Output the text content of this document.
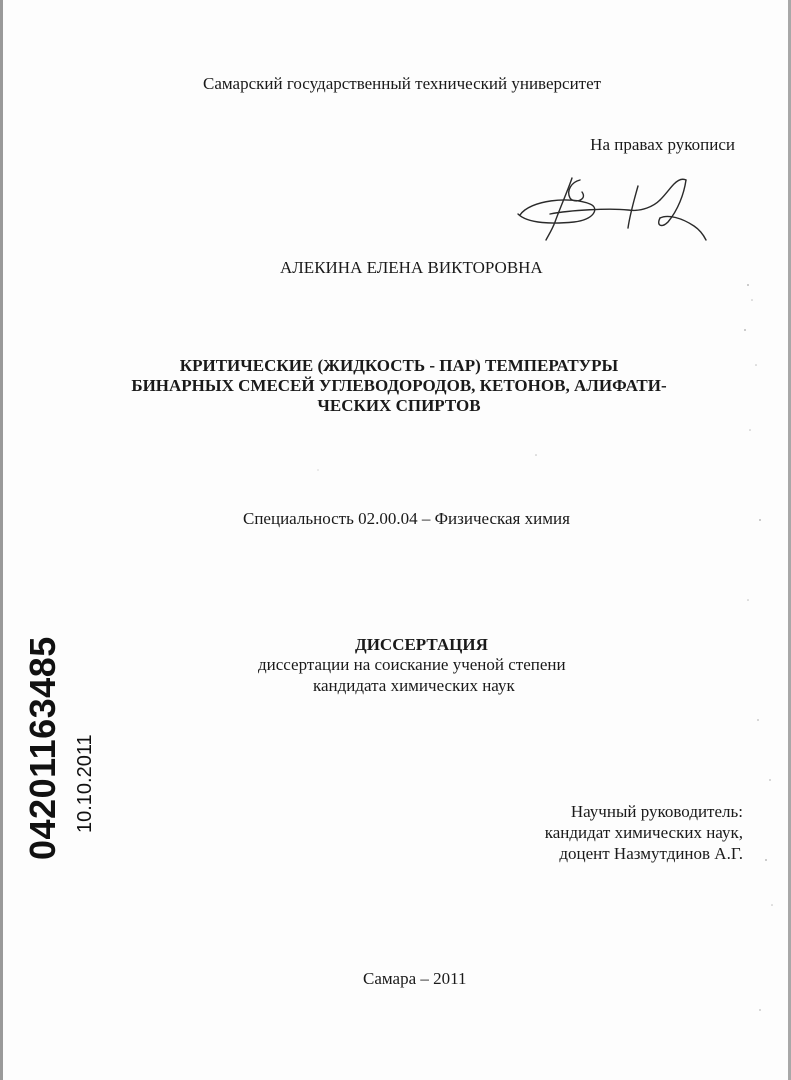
Самарский государственный технический университет
На правах рукописи
АЛЕКИНА ЕЛЕНА ВИКТОРОВНА
КРИТИЧЕСКИЕ (ЖИДКОСТЬ - ПАР) ТЕМПЕРАТУРЫ
БИНАРНЫХ СМЕСЕЙ УГЛЕВОДОРОДОВ, КЕТОНОВ, АЛИФАТИ-
ЧЕСКИХ СПИРТОВ
Специальность 02.00.04 – Физическая химия
ДИССЕРТАЦИЯ
диссертации на соискание ученой степени
кандидата химических наук
Научный руководитель:
кандидат химических наук,
доцент Назмутдинов А.Г.
Самара – 2011
04201163485 10.10.2011
